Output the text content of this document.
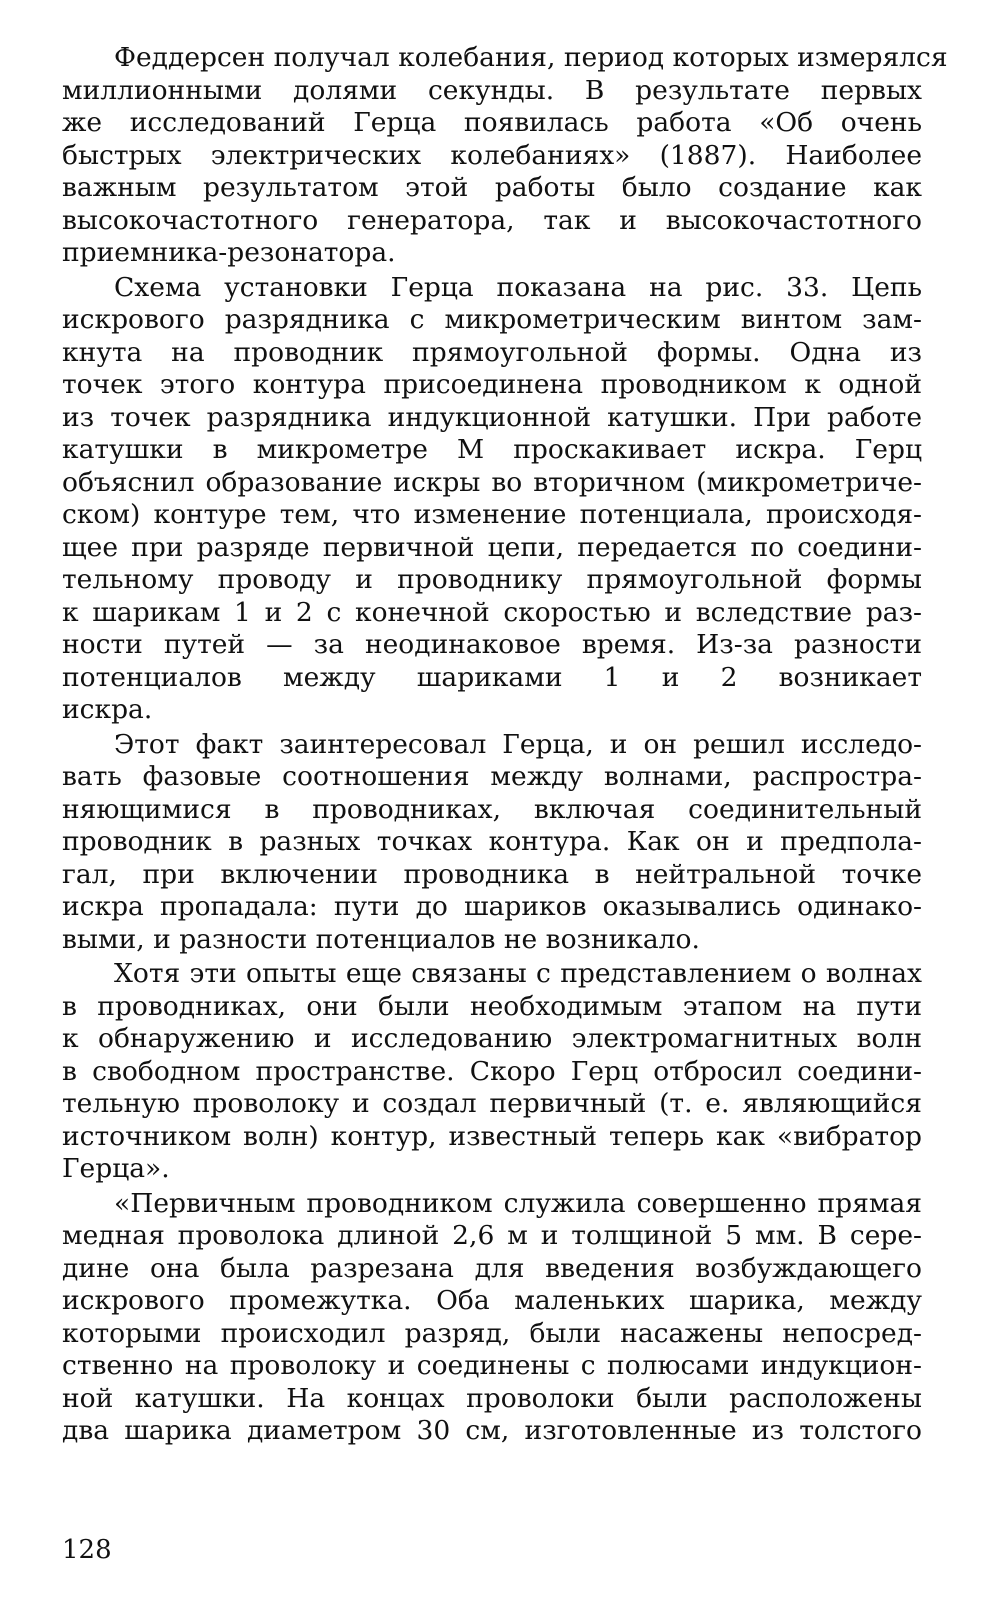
Феддерсен получал колебания, период которых измерялся
миллионными долями секунды. В результате первых
же исследований Герца появилась работа «Об очень
быстрых электрических колебаниях» (1887). Наиболее
важным результатом этой работы было создание как
высокочастотного генератора, так и высокочастотного
приемника-резонатора.
Схема установки Герца показана на рис. 33. Цепь
искрового разрядника с микрометрическим винтом зам-
кнута на проводник прямоугольной формы. Одна из
точек этого контура присоединена проводником к одной
из точек разрядника индукционной катушки. При работе
катушки в микрометре М проскакивает искра. Герц
объяснил образование искры во вторичном (микрометриче-
ском) контуре тем, что изменение потенциала, происходя-
щее при разряде первичной цепи, передается по соедини-
тельному проводу и проводнику прямоугольной формы
к шарикам 1 и 2 с конечной скоростью и вследствие раз-
ности путей — за неодинаковое время. Из-за разности
потенциалов между шариками 1 и 2 возникает
искра.
Этот факт заинтересовал Герца, и он решил исследо-
вать фазовые соотношения между волнами, распростра-
няющимися в проводниках, включая соединительный
проводник в разных точках контура. Как он и предпола-
гал, при включении проводника в нейтральной точке
искра пропадала: пути до шариков оказывались одинако-
выми, и разности потенциалов не возникало.
Хотя эти опыты еще связаны с представлением о волнах
в проводниках, они были необходимым этапом на пути
к обнаружению и исследованию электромагнитных волн
в свободном пространстве. Скоро Герц отбросил соедини-
тельную проволоку и создал первичный (т. е. являющийся
источником волн) контур, известный теперь как «вибратор
Герца».
«Первичным проводником служила совершенно прямая
медная проволока длиной 2,6 м и толщиной 5 мм. В сере-
дине она была разрезана для введения возбуждающего
искрового промежутка. Оба маленьких шарика, между
которыми происходил разряд, были насажены непосред-
ственно на проволоку и соединены с полюсами индукцион-
ной катушки. На концах проволоки были расположены
два шарика диаметром 30 см, изготовленные из толстого
128
